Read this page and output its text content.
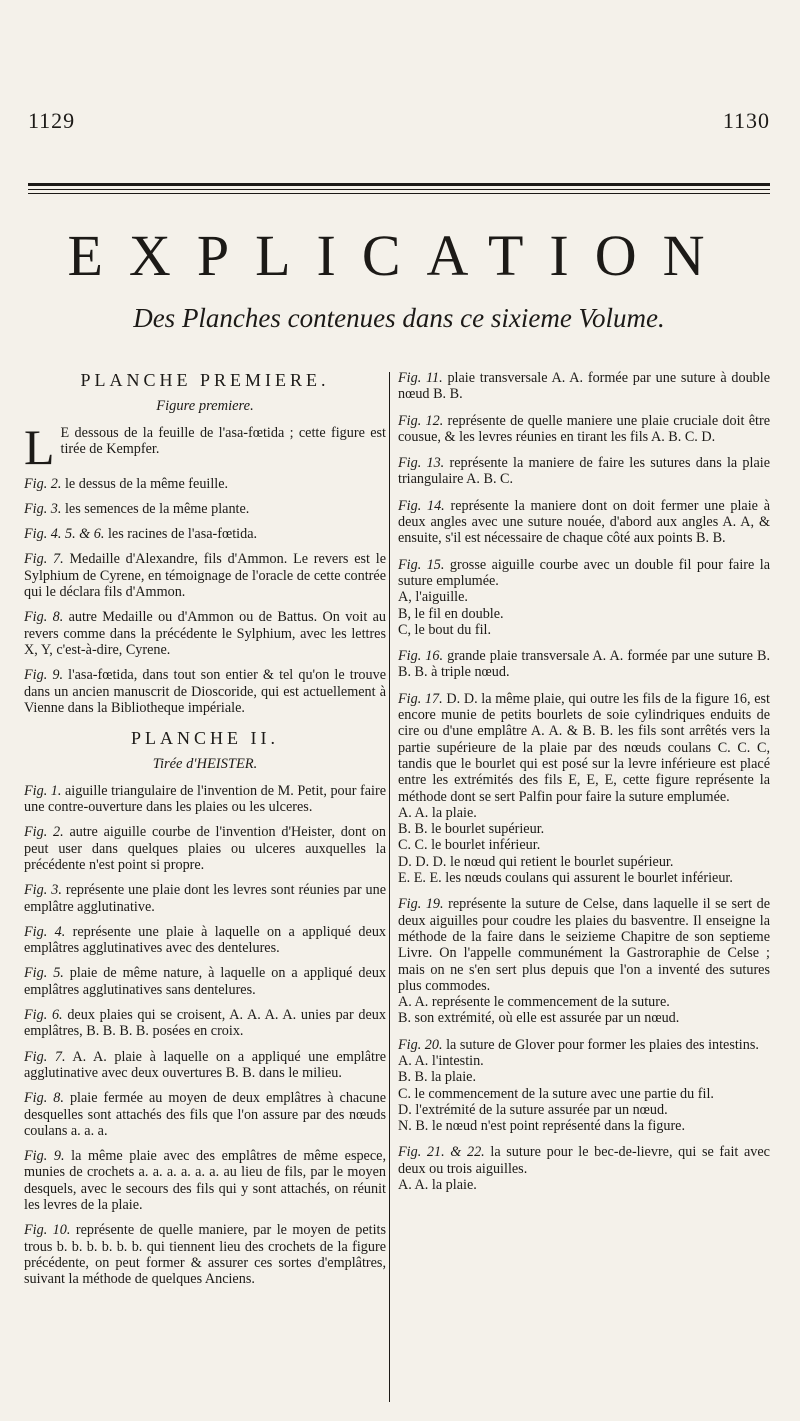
1129	1130
EXPLICATION
Des Planches contenues dans ce sixieme Volume.
PLANCHE PREMIERE.
Figure premiere.
L E dessous de la feuille de l'asa-fœtida ; cette figure est tirée de Kempfer.
Fig. 2. le dessus de la même feuille.
Fig. 3. les semences de la même plante.
Fig. 4. 5. & 6. les racines de l'asa-fœtida.
Fig. 7. Medaille d'Alexandre, fils d'Ammon. Le revers est le Sylphium de Cyrene, en témoignage de l'oracle de cette contrée qui le déclara fils d'Ammon.
Fig. 8. autre Medaille ou d'Ammon ou de Battus. On voit au revers comme dans la précédente le Sylphium, avec les lettres X, Y, c'est-à-dire, Cyrene.
Fig. 9. l'asa-fœtida, dans tout son entier & tel qu'on le trouve dans un ancien manuscrit de Dioscoride, qui est actuellement à Vienne dans la Bibliotheque impériale.
PLANCHE II.
Tirée d'HEISTER.
Fig. 1. aiguille triangulaire de l'invention de M. Petit, pour faire une contre-ouverture dans les plaies ou les ulceres.
Fig. 2. autre aiguille courbe de l'invention d'Heister, dont on peut user dans quelques plaies ou ulceres auxquelles la précédente n'est point si propre.
Fig. 3. représente une plaie dont les levres sont réunies par une emplâtre agglutinative.
Fig. 4. représente une plaie à laquelle on a appliqué deux emplâtres agglutinatives avec des dentelures.
Fig. 5. plaie de même nature, à laquelle on a appliqué deux emplâtres agglutinatives sans dentelures.
Fig. 6. deux plaies qui se croisent, A. A. A. A. unies par deux emplâtres, B. B. B. B. posées en croix.
Fig. 7. A. A. plaie à laquelle on a appliqué une emplâtre agglutinative avec deux ouvertures B. B. dans le milieu.
Fig. 8. plaie fermée au moyen de deux emplâtres à chacune desquelles sont attachés des fils que l'on assure par des nœuds coulans a. a. a.
Fig. 9. la même plaie avec des emplâtres de même espece, munies de crochets a. a. a. a. a. a. au lieu de fils, par le moyen desquels, avec le secours des fils qui y sont attachés, on réunit les levres de la plaie.
Fig. 10. représente de quelle maniere, par le moyen de petits trous b. b. b. b. b. b. qui tiennent lieu des crochets de la figure précédente, on peut former & assurer ces sortes d'emplâtres, suivant la méthode de quelques Anciens.
Fig. 11. plaie transversale A. A. formée par une suture à double nœud B. B.
Fig. 12. représente de quelle maniere une plaie cruciale doit être cousue, & les levres réunies en tirant les fils A. B. C. D.
Fig. 13. représente la maniere de faire les sutures dans la plaie triangulaire A. B. C.
Fig. 14. représente la maniere dont on doit fermer une plaie à deux angles avec une suture nouée, d'abord aux angles A. A, & ensuite, s'il est nécessaire de chaque côté aux points B. B.
Fig. 15. grosse aiguille courbe avec un double fil pour faire la suture emplumée.
A, l'aiguille.
B, le fil en double.
C, le bout du fil.
Fig. 16. grande plaie transversale A. A. formée par une suture B. B. B. à triple nœud.
Fig. 17. D. D. la même plaie, qui outre les fils de la figure 16, est encore munie de petits bourlets de soie cylindriques enduits de cire ou d'une emplâtre A. A. & B. B. les fils sont arrêtés vers la partie supérieure de la plaie par des nœuds coulans C. C. C, tandis que le bourlet qui est posé sur la levre inférieure est placé entre les extrémités des fils E, E, E, cette figure représente la méthode dont se sert Palfin pour faire la suture emplumée.
A. A. la plaie.
B. B. le bourlet supérieur.
C. C. le bourlet inférieur.
D. D. D. le nœud qui retient le bourlet supérieur.
E. E. E. les nœuds coulans qui assurent le bourlet inférieur.
Fig. 19. représente la suture de Celse, dans laquelle il se sert de deux aiguilles pour coudre les plaies du basventre. Il enseigne la méthode de la faire dans le seizieme Chapitre de son septieme Livre. On l'appelle communément la Gastroraphie de Celse ; mais on ne s'en sert plus depuis que l'on a inventé des sutures plus commodes.
A. A. représente le commencement de la suture.
B. son extrémité, où elle est assurée par un nœud.
Fig. 20. la suture de Glover pour former les plaies des intestins.
A. A. l'intestin.
B. B. la plaie.
C. le commencement de la suture avec une partie du fil.
D. l'extrémité de la suture assurée par un nœud.
N. B. le nœud n'est point représenté dans la figure.
Fig. 21. & 22. la suture pour le bec-de-lievre, qui se fait avec deux ou trois aiguilles.
A. A. la plaie.
